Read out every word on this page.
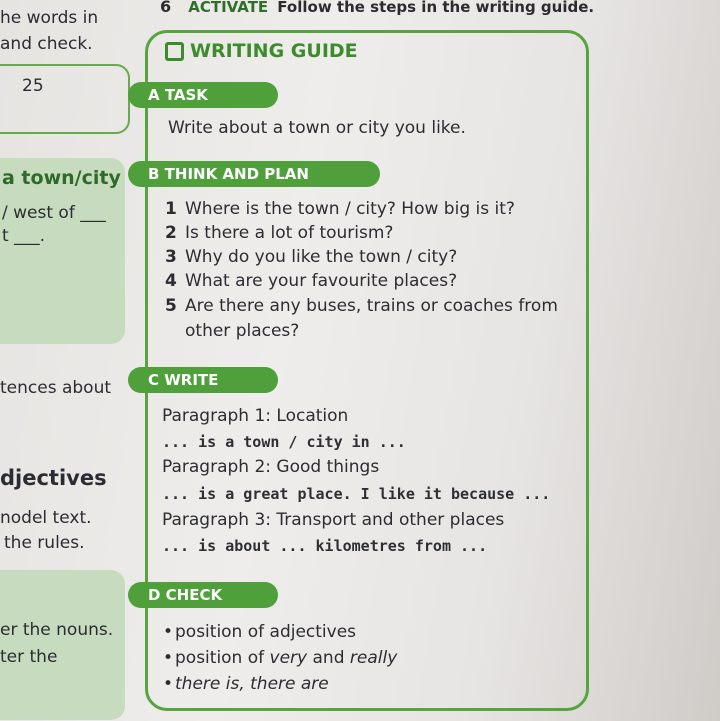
he words in
and check.
25
a town/city
/ west of ___
t ___.
tences about
djectives
nodel text.
the rules.
er the nouns.
ter the
6 ACTIVATE Follow the steps in the writing guide.
WRITING GUIDE
A TASK
Write about a town or city you like.
B THINK AND PLAN
1 Where is the town / city? How big is it?
2 Is there a lot of tourism?
3 Why do you like the town / city?
4 What are your favourite places?
5 Are there any buses, trains or coaches from
other places?
C WRITE
Paragraph 1: Location
... is a town / city in ...
Paragraph 2: Good things
... is a great place. I like it because ...
Paragraph 3: Transport and other places
... is about ... kilometres from ...
D CHECK
• position of adjectives
• position of very and really
• there is, there are
